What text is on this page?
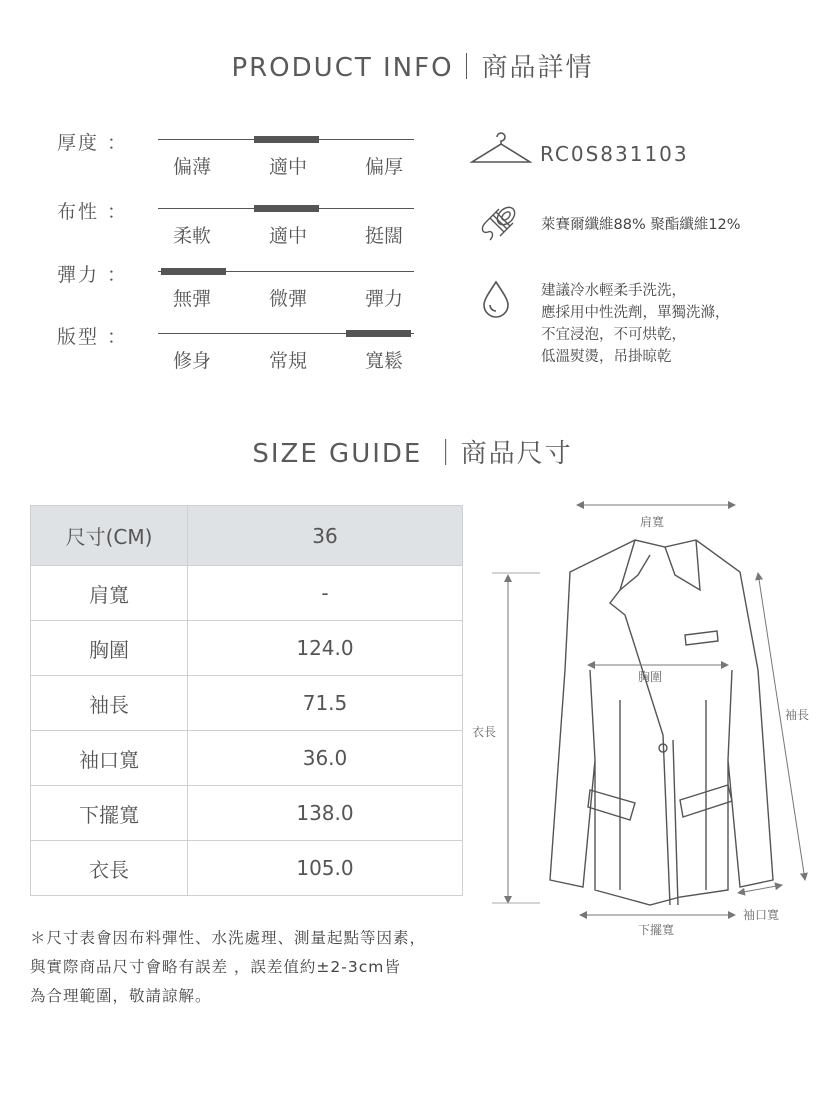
PRODUCT INFO｜商品詳情
厚度 ：
偏薄	適中	偏厚
布性 ：
柔軟	適中	挺闊
彈力 ：
無彈	微彈	彈力
版型 ：
修身	常規	寬鬆
RC0S831103
萊賽爾纖維88% 聚酯纖維12%
建議冷水輕柔手洗洗，
應採用中性洗劑，單獨洗滌，
不宜浸泡，不可烘乾，
低溫熨燙，吊掛晾乾
SIZE GUIDE ｜商品尺寸
尺寸(CM)	36
肩寬	-
胸圍	124.0
袖長	71.5
袖口寬	36.0
下擺寬	138.0
衣長	105.0
＊尺寸表會因布料彈性、水洗處理、測量起點等因素，
與實際商品尺寸會略有誤差 ，誤差值約±2-3cm皆
為合理範圍，敬請諒解。
肩寬
胸圍
袖長
衣長
袖口寬
下擺寬
